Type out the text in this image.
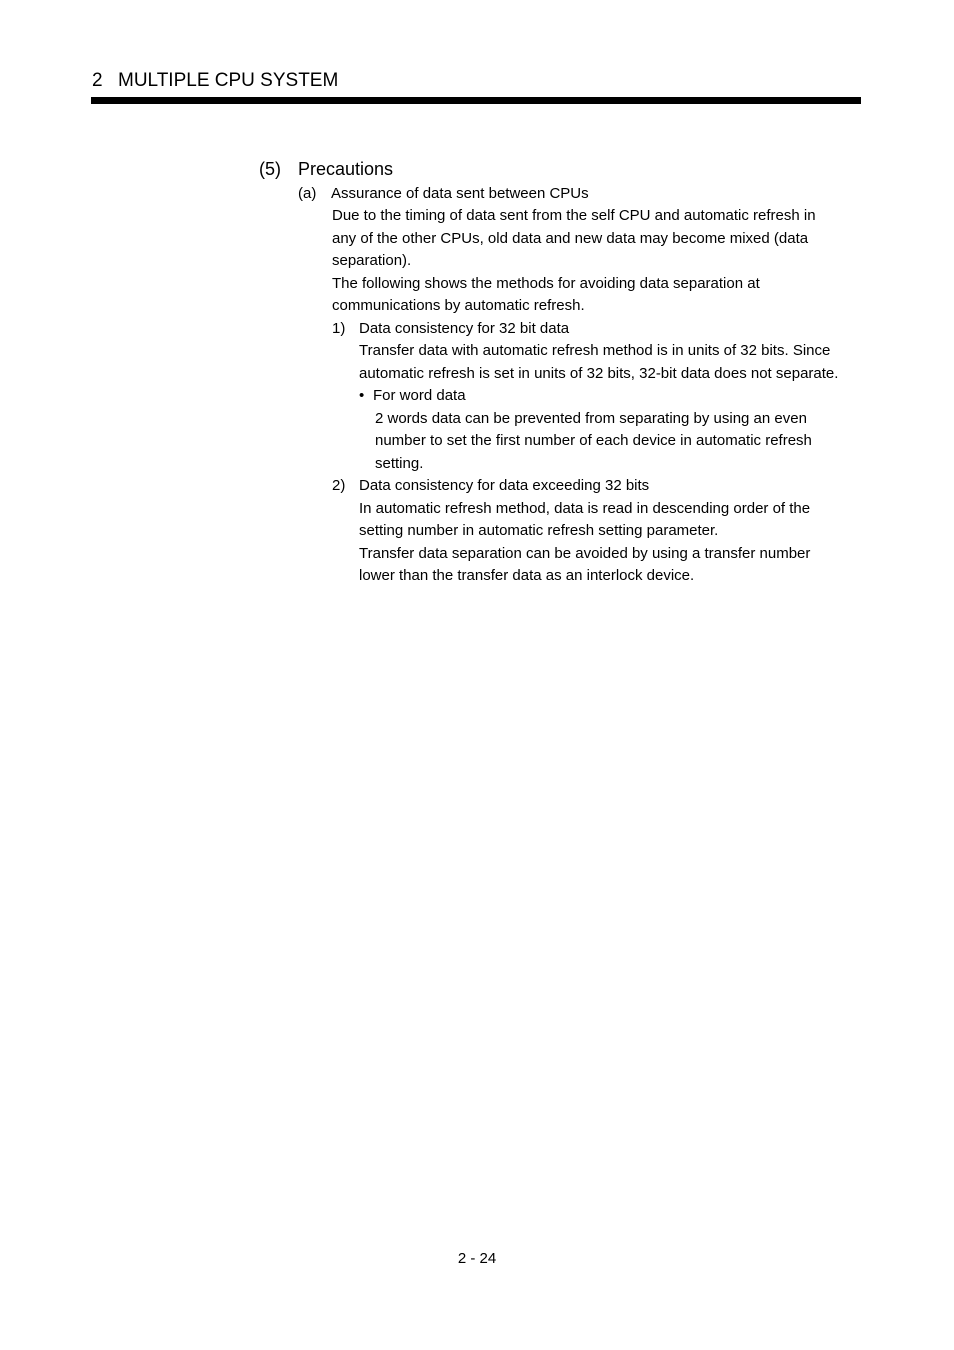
2 MULTIPLE CPU SYSTEM
(5) Precautions
(a) Assurance of data sent between CPUs
Due to the timing of data sent from the self CPU and automatic refresh in
any of the other CPUs, old data and new data may become mixed (data
separation).
The following shows the methods for avoiding data separation at
communications by automatic refresh.
1) Data consistency for 32 bit data
Transfer data with automatic refresh method is in units of 32 bits. Since
automatic refresh is set in units of 32 bits, 32-bit data does not separate.
• For word data
2 words data can be prevented from separating by using an even
number to set the first number of each device in automatic refresh
setting.
2) Data consistency for data exceeding 32 bits
In automatic refresh method, data is read in descending order of the
setting number in automatic refresh setting parameter.
Transfer data separation can be avoided by using a transfer number
lower than the transfer data as an interlock device.
2 - 24
